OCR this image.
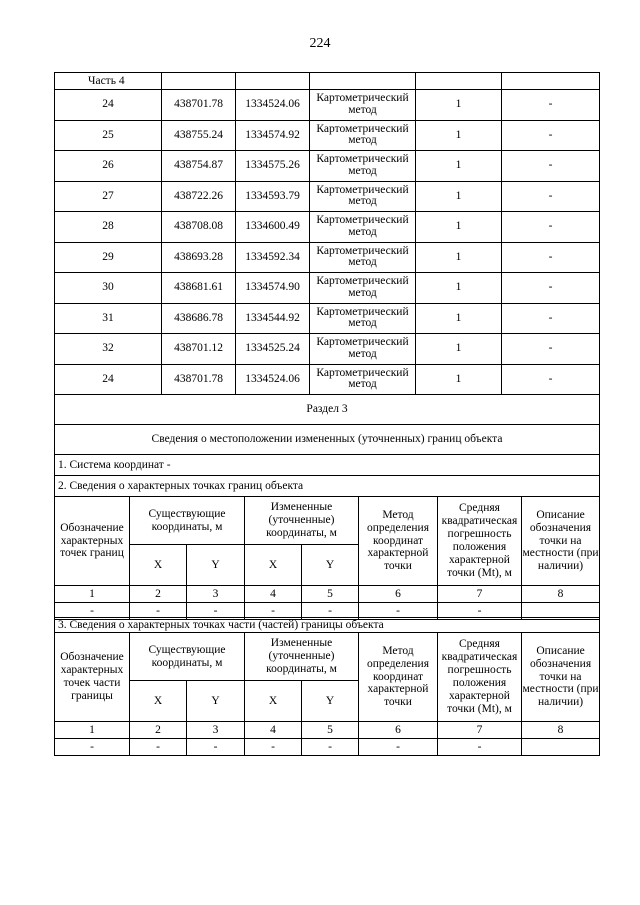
224
Часть 4					
24	438701.78	1334524.06	Картометрический метод	1	-
25	438755.24	1334574.92	Картометрический метод	1	-
26	438754.87	1334575.26	Картометрический метод	1	-
27	438722.26	1334593.79	Картометрический метод	1	-
28	438708.08	1334600.49	Картометрический метод	1	-
29	438693.28	1334592.34	Картометрический метод	1	-
30	438681.61	1334574.90	Картометрический метод	1	-
31	438686.78	1334544.92	Картометрический метод	1	-
32	438701.12	1334525.24	Картометрический метод	1	-
24	438701.78	1334524.06	Картометрический метод	1	-
Раздел 3					
Сведения о местоположении измененных (уточненных) границ объекта					
1. Система координат -							
2. Сведения о характерных точках границ объекта							
Обозначение характерных точек границ	Существующие координаты, м		Измененные (уточненные) координаты, м		Метод определения координат характерной точки	Средняя квадратическая погрешность положения характерной точки (Mt), м	Описание обозначения точки на местности (при наличии)
	X	Y	X	Y			
1	2	3	4	5	6	7	8
-	-	-	-	-	-	-	
3. Сведения о характерных точках части (частей) границы объекта							
Обозначение характерных точек части границы	Существующие координаты, м		Измененные (уточненные) координаты, м		Метод определения координат характерной точки	Средняя квадратическая погрешность положения характерной точки (Mt), м	Описание обозначения точки на местности (при наличии)
	X	Y	X	Y			
1	2	3	4	5	6	7	8
-	-	-	-	-	-	-	
